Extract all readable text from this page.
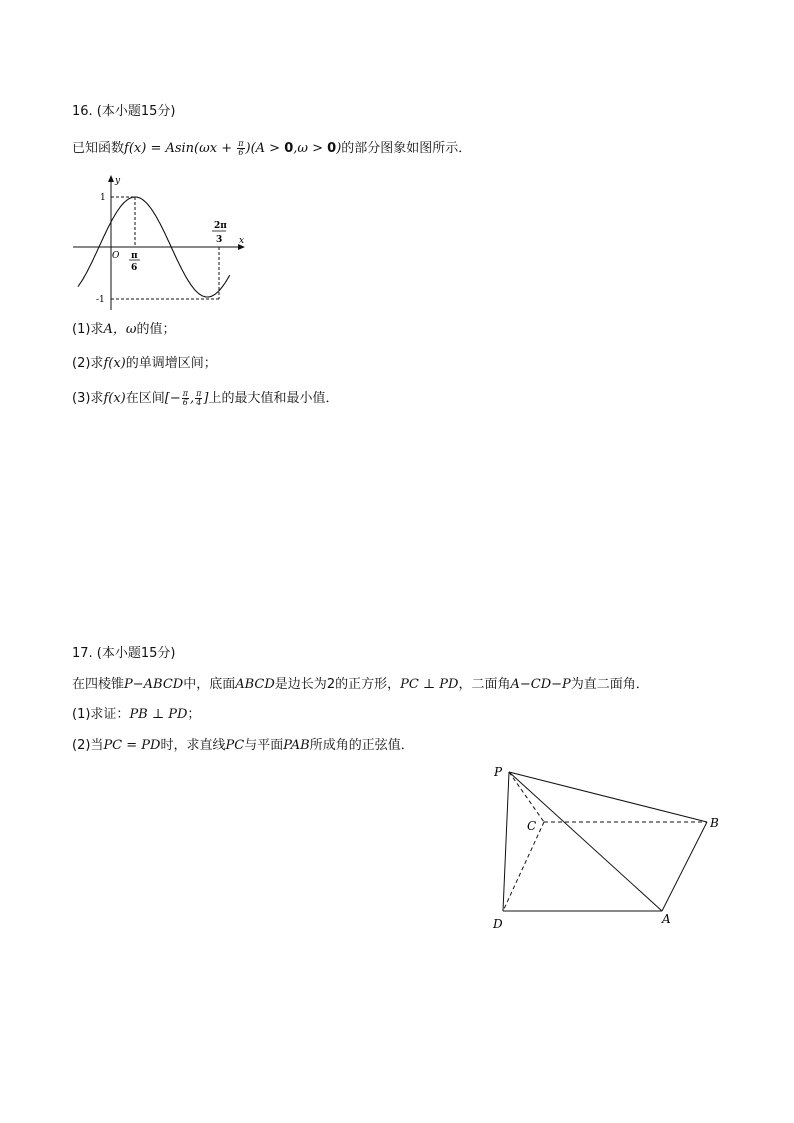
16. (本小题15分)
已知函数$f(x) = Asin(\omega x + \frac{\pi}{6} )(A > 0,\omega > 0)$的部分图象如图所示．
y
x
O
1
-1
π
6
2π
3
(1)求A，ω的值；
(2)求f(x)的单调增区间；
(3)求f(x)在区间[− $\frac{\pi}{6}$ , $\frac{\pi}{4}$ ]上的最大值和最小值．
17. (本小题15分)
在四棱锥P−ABCD中，底面ABCD是边长为2的正方形，PC ⊥ PD，二面角A−CD−P为直二面角．
(1)求证：PB ⊥ PD；
(2)当PC = PD时，求直线PC与平面PAB所成角的正弦值．
P
C	B
D	A
